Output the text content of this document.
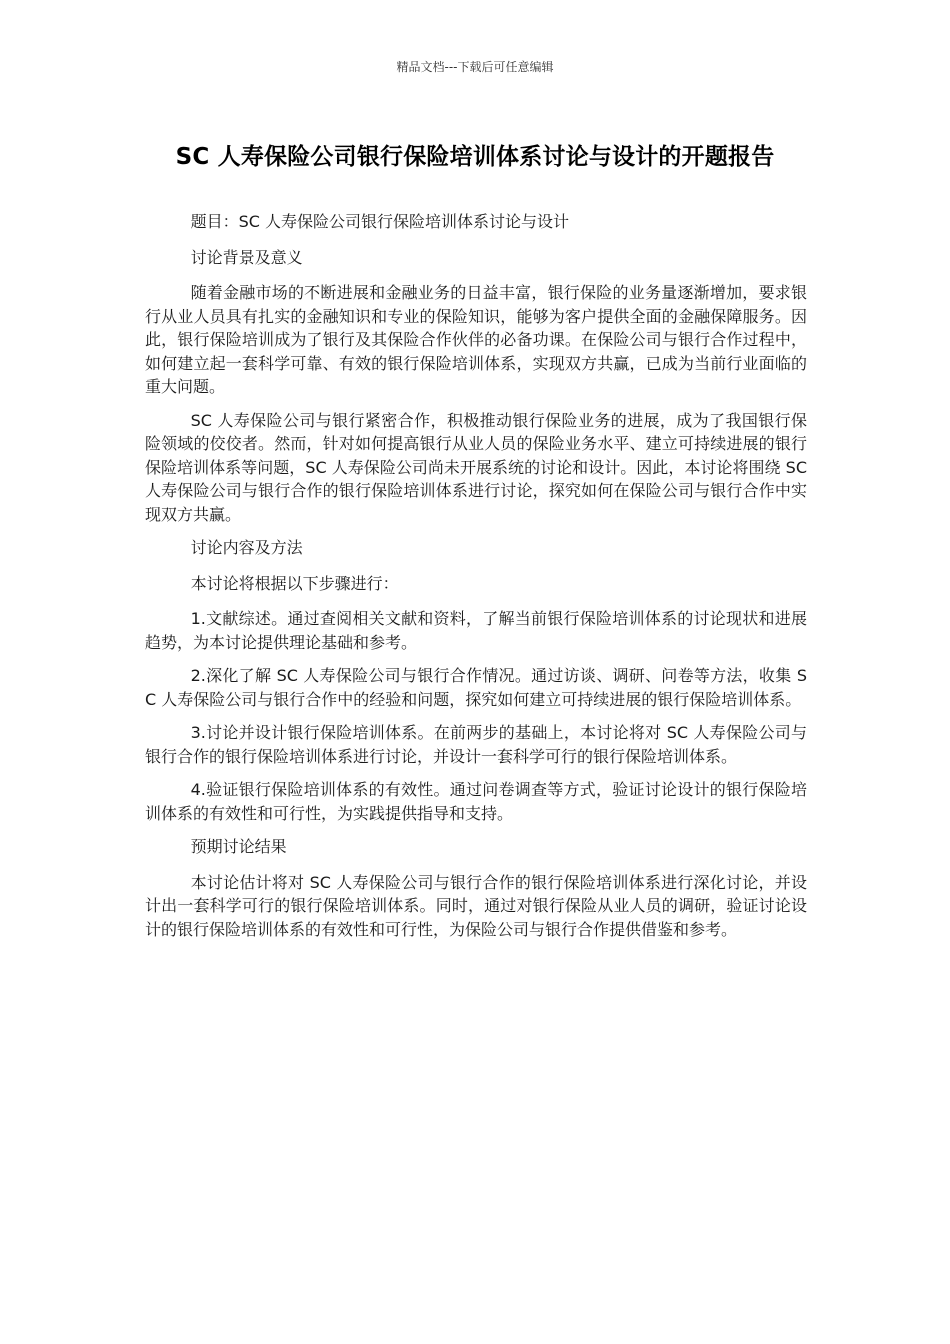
精品文档---下载后可任意编辑
SC 人寿保险公司银行保险培训体系讨论与设计的开题报告

题目：SC 人寿保险公司银行保险培训体系讨论与设计

讨论背景及意义

随着金融市场的不断进展和金融业务的日益丰富，银行保险的业务量逐渐增加，要求银行从业人员具有扎实的金融知识和专业的保险知识，能够为客户提供全面的金融保障服务。因此，银行保险培训成为了银行及其保险合作伙伴的必备功课。在保险公司与银行合作过程中，如何建立起一套科学可靠、有效的银行保险培训体系，实现双方共赢，已成为当前行业面临的重大问题。

SC 人寿保险公司与银行紧密合作，积极推动银行保险业务的进展，成为了我国银行保险领域的佼佼者。然而，针对如何提高银行从业人员的保险业务水平、建立可持续进展的银行保险培训体系等问题，SC 人寿保险公司尚未开展系统的讨论和设计。因此，本讨论将围绕 SC 人寿保险公司与银行合作的银行保险培训体系进行讨论，探究如何在保险公司与银行合作中实现双方共赢。

讨论内容及方法

本讨论将根据以下步骤进行：

1.文献综述。通过查阅相关文献和资料，了解当前银行保险培训体系的讨论现状和进展趋势，为本讨论提供理论基础和参考。

2.深化了解 SC 人寿保险公司与银行合作情况。通过访谈、调研、问卷等方法，收集 SC 人寿保险公司与银行合作中的经验和问题，探究如何建立可持续进展的银行保险培训体系。

3.讨论并设计银行保险培训体系。在前两步的基础上，本讨论将对 SC 人寿保险公司与银行合作的银行保险培训体系进行讨论，并设计一套科学可行的银行保险培训体系。

4.验证银行保险培训体系的有效性。通过问卷调查等方式，验证讨论设计的银行保险培训体系的有效性和可行性，为实践提供指导和支持。

预期讨论结果

本讨论估计将对 SC 人寿保险公司与银行合作的银行保险培训体系进行深化讨论，并设计出一套科学可行的银行保险培训体系。同时，通过对银行保险从业人员的调研，验证讨论设计的银行保险培训体系的有效性和可行性，为保险公司与银行合作提供借鉴和参考。
